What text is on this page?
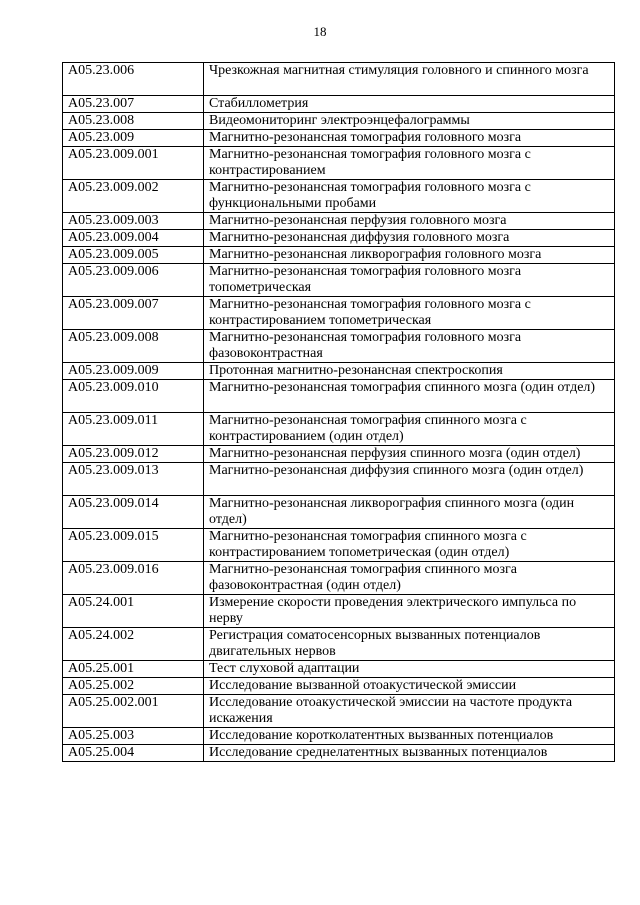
18
A05.23.006	Чрезкожная магнитная стимуляция головного и спинного мозга
A05.23.007	Стабиллометрия
A05.23.008	Видеомониторинг электроэнцефалограммы
A05.23.009	Магнитно-резонансная томография головного мозга
A05.23.009.001	Магнитно-резонансная томография головного мозга с контрастированием
A05.23.009.002	Магнитно-резонансная томография головного мозга с функциональными пробами
A05.23.009.003	Магнитно-резонансная перфузия головного мозга
A05.23.009.004	Магнитно-резонансная диффузия головного мозга
A05.23.009.005	Магнитно-резонансная ликворография головного мозга
A05.23.009.006	Магнитно-резонансная томография головного мозга топометрическая
A05.23.009.007	Магнитно-резонансная томография головного мозга с контрастированием топометрическая
A05.23.009.008	Магнитно-резонансная томография головного мозга фазовоконтрастная
A05.23.009.009	Протонная магнитно-резонансная спектроскопия
A05.23.009.010	Магнитно-резонансная томография спинного мозга (один отдел)
A05.23.009.011	Магнитно-резонансная томография спинного мозга с контрастированием (один отдел)
A05.23.009.012	Магнитно-резонансная перфузия спинного мозга (один отдел)
A05.23.009.013	Магнитно-резонансная диффузия спинного мозга (один отдел)
A05.23.009.014	Магнитно-резонансная ликворография спинного мозга (один отдел)
A05.23.009.015	Магнитно-резонансная томография спинного мозга с контрастированием топометрическая (один отдел)
A05.23.009.016	Магнитно-резонансная томография спинного мозга фазовоконтрастная (один отдел)
A05.24.001	Измерение скорости проведения электрического импульса по нерву
A05.24.002	Регистрация соматосенсорных вызванных потенциалов двигательных нервов
A05.25.001	Тест слуховой адаптации
A05.25.002	Исследование вызванной отоакустической эмиссии
A05.25.002.001	Исследование отоакустической эмиссии на частоте продукта искажения
A05.25.003	Исследование коротколатентных вызванных потенциалов
A05.25.004	Исследование среднелатентных вызванных потенциалов
